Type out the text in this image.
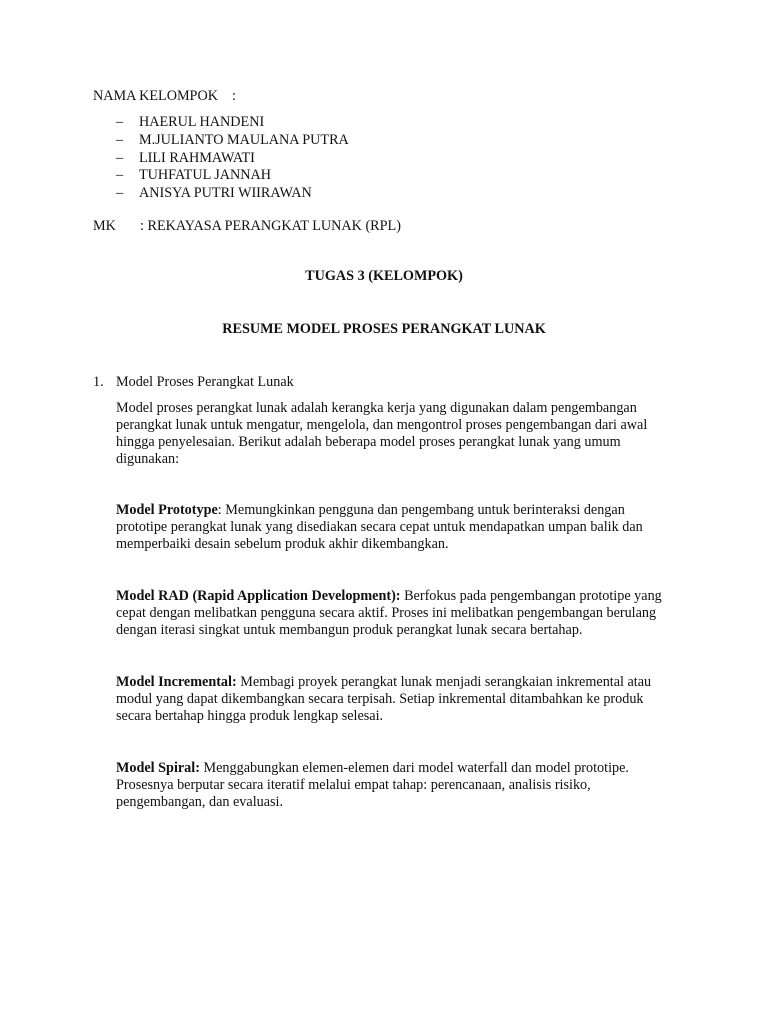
NAMA KELOMPOK :
– HAERUL HANDENI
– M.JULIANTO MAULANA PUTRA
– LILI RAHMAWATI
– TUHFATUL JANNAH
– ANISYA PUTRI WIIRAWAN
MK : REKAYASA PERANGKAT LUNAK (RPL)
TUGAS 3 (KELOMPOK)
RESUME MODEL PROSES PERANGKAT LUNAK
1. Model Proses Perangkat Lunak

Model proses perangkat lunak adalah kerangka kerja yang digunakan dalam pengembangan
perangkat lunak untuk mengatur, mengelola, dan mengontrol proses pengembangan dari awal
hingga penyelesaian. Berikut adalah beberapa model proses perangkat lunak yang umum
digunakan:

Model Prototype: Memungkinkan pengguna dan pengembang untuk berinteraksi dengan
prototipe perangkat lunak yang disediakan secara cepat untuk mendapatkan umpan balik dan
memperbaiki desain sebelum produk akhir dikembangkan.

Model RAD (Rapid Application Development): Berfokus pada pengembangan prototipe yang
cepat dengan melibatkan pengguna secara aktif. Proses ini melibatkan pengembangan berulang
dengan iterasi singkat untuk membangun produk perangkat lunak secara bertahap.

Model Incremental: Membagi proyek perangkat lunak menjadi serangkaian inkremental atau
modul yang dapat dikembangkan secara terpisah. Setiap inkremental ditambahkan ke produk
secara bertahap hingga produk lengkap selesai.

Model Spiral: Menggabungkan elemen-elemen dari model waterfall dan model prototipe.
Prosesnya berputar secara iteratif melalui empat tahap: perencanaan, analisis risiko,
pengembangan, dan evaluasi.
